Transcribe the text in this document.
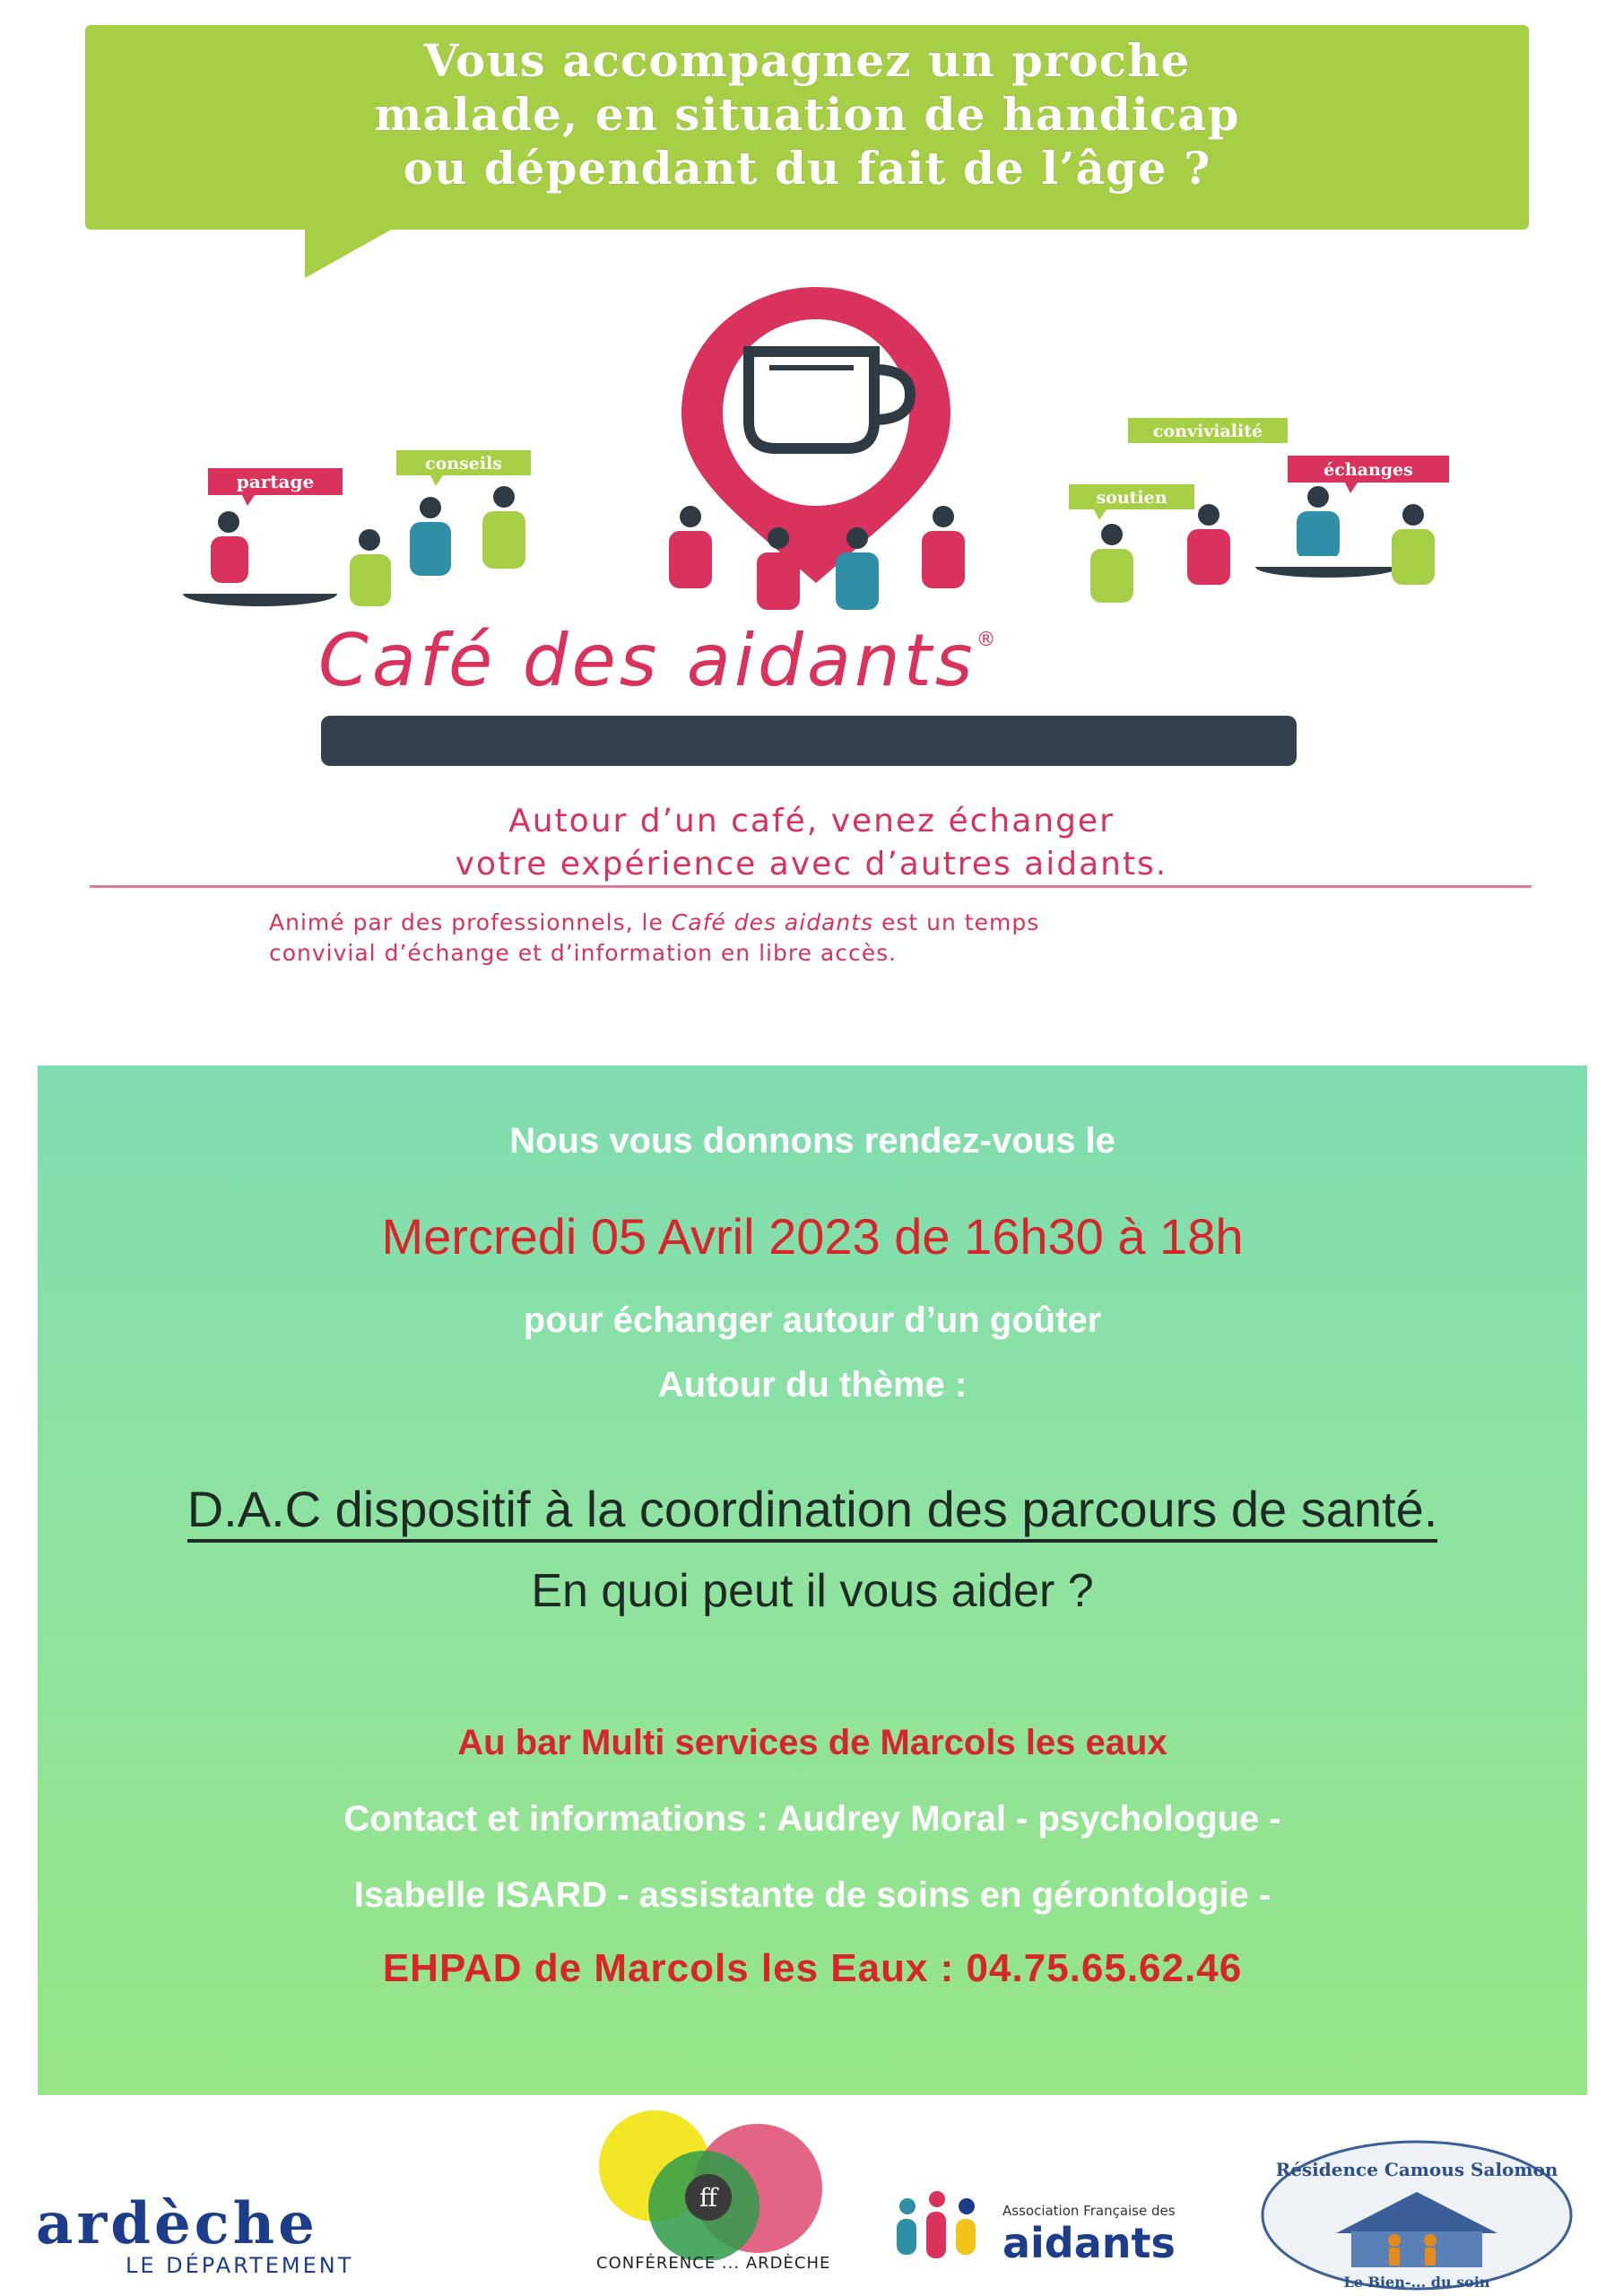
Vous accompagnez un proche
malade, en situation de handicap
ou dépendant du fait de l’âge ?
partage
conseils
convivialité
soutien
échanges
Café des aidants®
Autour d’un café, venez échanger
votre expérience avec d’autres aidants.
Animé par des professionnels, le Café des aidants est un temps
convivial d’échange et d’information en libre accès.
Nous vous donnons rendez-vous le
Mercredi 05 Avril 2023 de 16h30 à 18h
pour échanger autour d’un goûter
Autour du thème :
D.A.C dispositif à la coordination des parcours de santé.
En quoi peut il vous aider ?
Au bar Multi services de Marcols les eaux
Contact et informations : Audrey Moral - psychologue -
Isabelle ISARD - assistante de soins en gérontologie -
EHPAD de Marcols les Eaux : 04.75.65.62.46
ardèche
LE DÉPARTEMENT
ff
CONFÉRENCE ... ARDÈCHE
Association Française des
aidants
Résidence Camous Salomon
Le Bien-... du soin
